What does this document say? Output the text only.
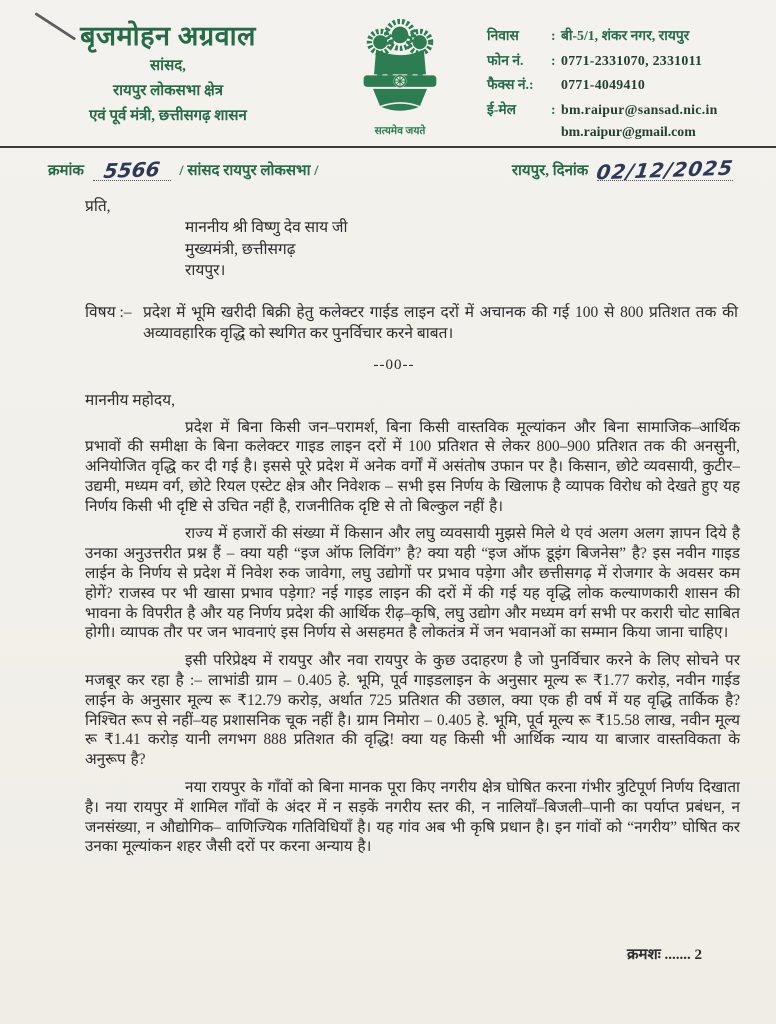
बृजमोहन अग्रवाल
सांसद,
रायपुर लोकसभा क्षेत्र
एवं पूर्व मंत्री, छत्तीसगढ़ शासन
सत्यमेव जयते
निवास	: बी-5/1, शंकर नगर, रायपुर
फोन नं.	: 0771-2331070, 2331011
फैक्स नं.:	0771-4049410
ई-मेल	: bm.raipur@sansad.nic.in
bm.raipur@gmail.com
क्रमांक 5566 / सांसद रायपुर लोकसभा /	रायपुर, दिनांक 02/12/2025
प्रति,
माननीय श्री विष्णु देव साय जी
मुख्यमंत्री, छत्तीसगढ़
रायपुर।
विषय :– प्रदेश में भूमि खरीदी बिक्री हेतु कलेक्टर गाईड लाइन दरों में अचानक की गई 100 से 800 प्रतिशत तक की अव्यावहारिक वृद्धि को स्थगित कर पुनर्विचार करने बाबत।
--00--
माननीय महोदय,
प्रदेश में बिना किसी जन–परामर्श, बिना किसी वास्तविक मूल्यांकन और बिना सामाजिक–आर्थिक प्रभावों की समीक्षा के बिना कलेक्टर गाइड लाइन दरों में 100 प्रतिशत से लेकर 800–900 प्रतिशत तक की अनसुनी, अनियोजित वृद्धि कर दी गई है। इससे पूरे प्रदेश में अनेक वर्गों में असंतोष उफान पर है। किसान, छोटे व्यवसायी, कुटीर–उद्यमी, मध्यम वर्ग, छोटे रियल एस्टेट क्षेत्र और निवेशक – सभी इस निर्णय के खिलाफ है व्यापक विरोध को देखते हुए यह निर्णय किसी भी दृष्टि से उचित नहीं है, राजनीतिक दृष्टि से तो बिल्कुल नहीं है।
राज्य में हजारों की संख्या में किसान और लघु व्यवसायी मुझसे मिले थे एवं अलग अलग ज्ञापन दिये है उनका अनुउत्तरीत प्रश्न हैं – क्या यही “इज ऑफ लिविंग” है? क्या यही “इज ऑफ डूइंग बिजनेस” है? इस नवीन गाइड लाईन के निर्णय से प्रदेश में निवेश रुक जावेगा, लघु उद्योगों पर प्रभाव पड़ेगा और छत्तीसगढ़ में रोजगार के अवसर कम होगें? राजस्व पर भी खासा प्रभाव पड़ेगा? नई गाइड लाइन की दरों में की गई यह वृद्धि लोक कल्याणकारी शासन की भावना के विपरीत है और यह निर्णय प्रदेश की आर्थिक रीढ़–कृषि, लघु उद्योग और मध्यम वर्ग सभी पर करारी चोट साबित होगी। व्यापक तौर पर जन भावनाएं इस निर्णय से असहमत है लोकतंत्र में जन भवानओं का सम्मान किया जाना चाहिए।
इसी परिप्रेक्ष्य में रायपुर और नवा रायपुर के कुछ उदाहरण है जो पुनर्विचार करने के लिए सोचने पर मजबूर कर रहा है :– लाभांडी ग्राम – 0.405 हे. भूमि, पूर्व गाइडलाइन के अनुसार मूल्य रू ₹1.77 करोड़, नवीन गाईड लाईन के अनुसार मूल्य रू ₹12.79 करोड़, अर्थात 725 प्रतिशत की उछाल, क्या एक ही वर्ष में यह वृद्धि तार्किक है? निश्चित रूप से नहीं–यह प्रशासनिक चूक नहीं है। ग्राम निमोरा – 0.405 हे. भूमि, पूर्व मूल्य रू ₹15.58 लाख, नवीन मूल्य रू ₹1.41 करोड़ यानी लगभग 888 प्रतिशत की वृद्धि! क्या यह किसी भी आर्थिक न्याय या बाजार वास्तविकता के अनुरूप है?
नया रायपुर के गाँवों को बिना मानक पूरा किए नगरीय क्षेत्र घोषित करना गंभीर त्रुटिपूर्ण निर्णय दिखाता है। नया रायपुर में शामिल गाँवों के अंदर में न सड़कें नगरीय स्तर की, न नालियाँ–बिजली–पानी का पर्याप्त प्रबंधन, न जनसंख्या, न औद्योगिक– वाणिज्यिक गतिविधियाँ है। यह गांव अब भी कृषि प्रधान है। इन गांवों को “नगरीय” घोषित कर उनका मूल्यांकन शहर जैसी दरों पर करना अन्याय है।
क्रमशः ....... 2
